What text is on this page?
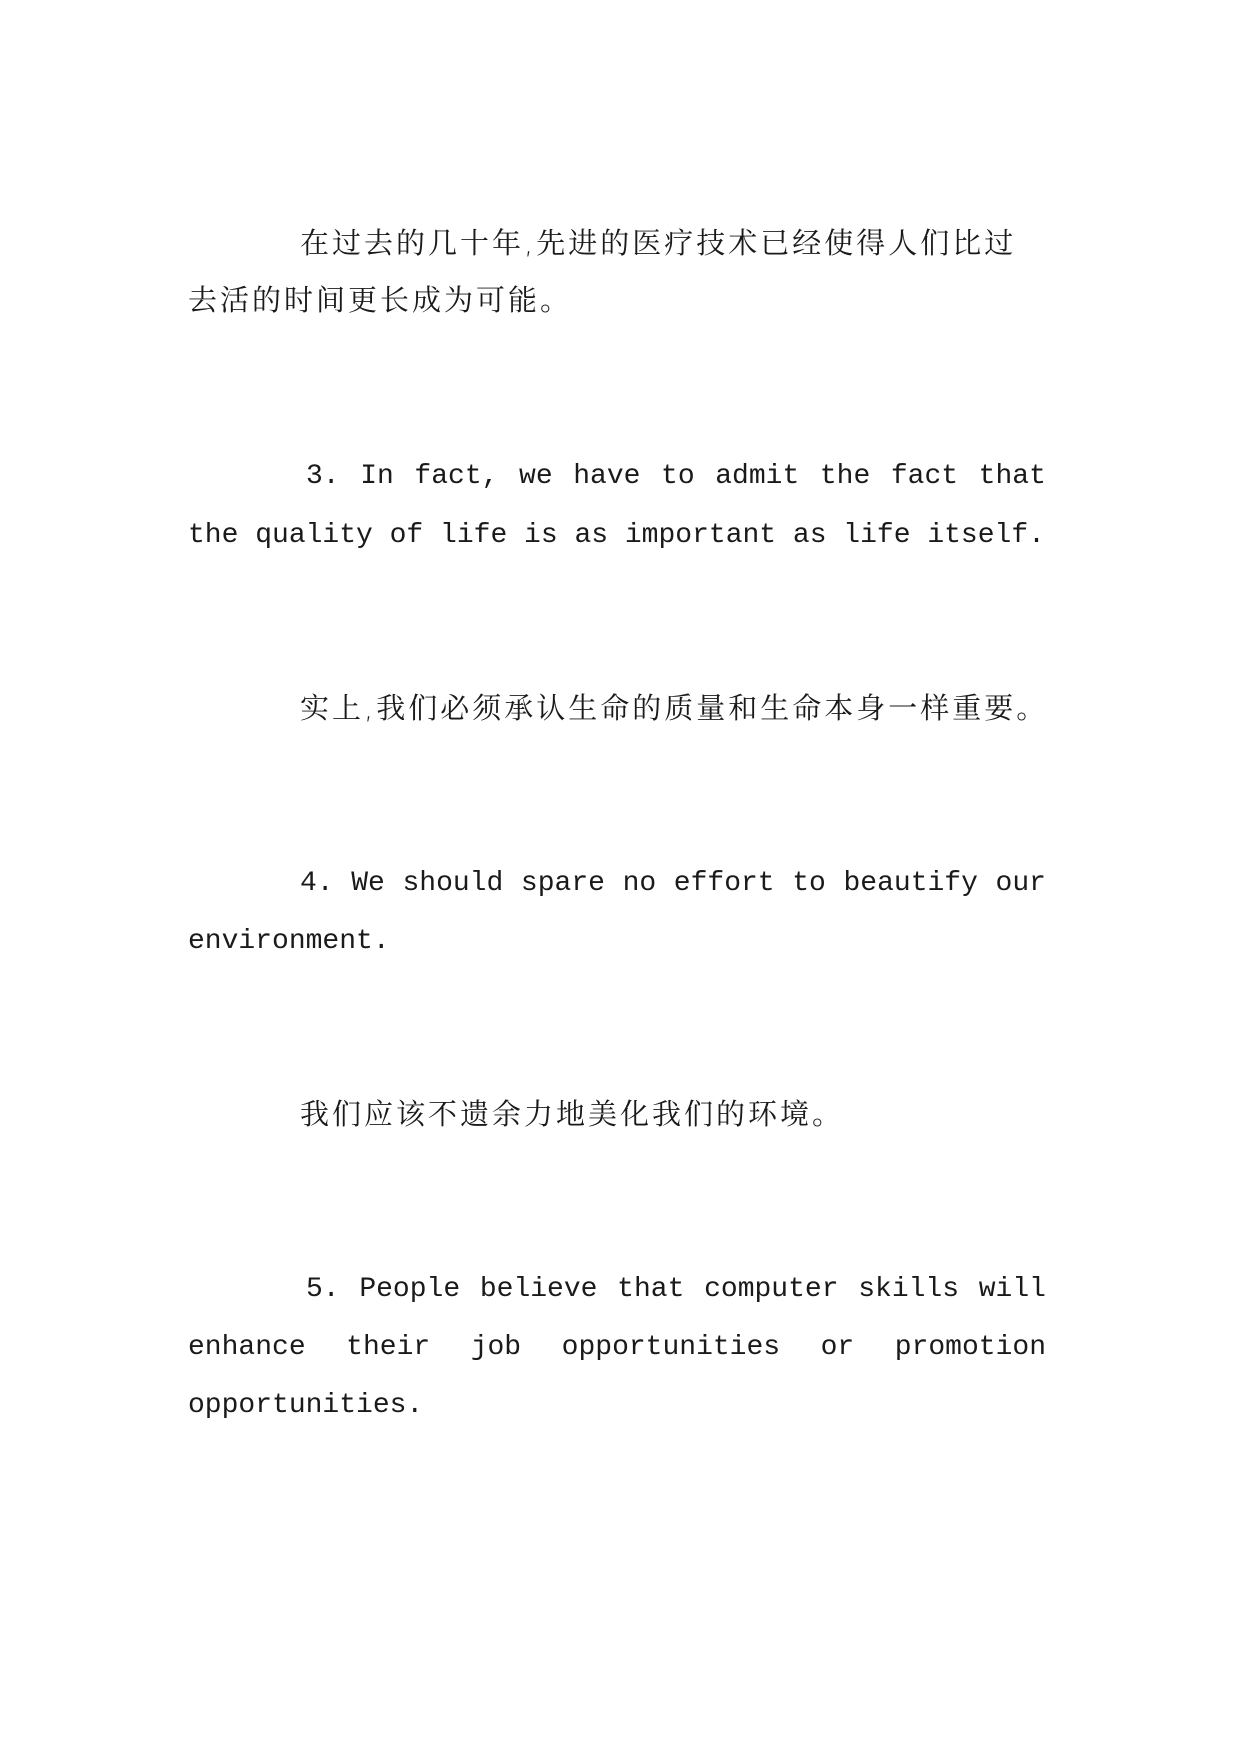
在过去的几十年,先进的医疗技术已经使得人们比过
去活的时间更长成为可能。
3. In fact, we have to admit the fact that
the quality of life is as important as life itself.
实上,我们必须承认生命的质量和生命本身一样重要。
4. We should spare no effort to beautify our
environment.
我们应该不遗余力地美化我们的环境。
5. People believe that computer skills will
enhance their job opportunities or promotion
opportunities.
